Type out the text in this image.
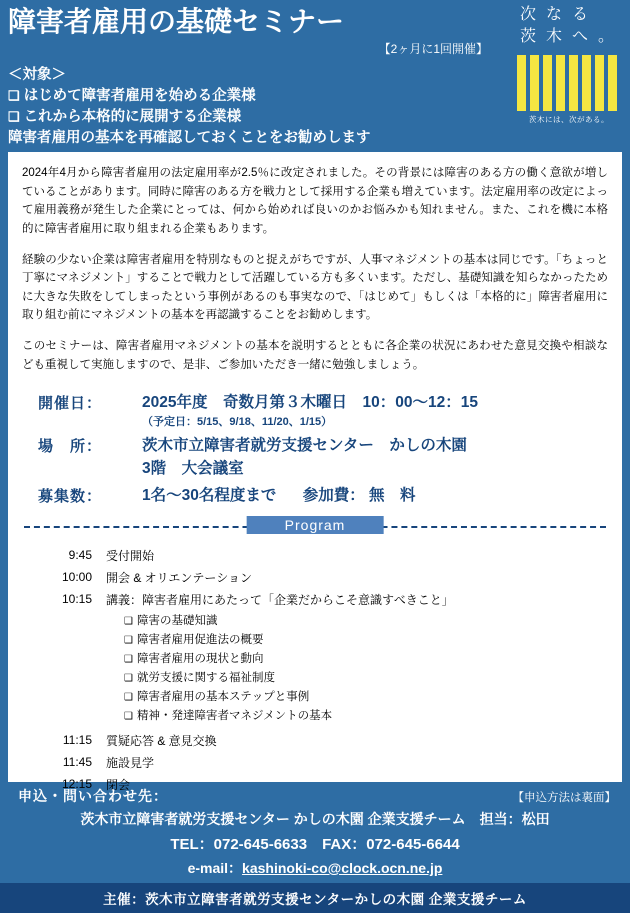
障害者雇用の基礎セミナー
【2ヶ月に1回開催】
＜対象＞
❑ はじめて障害者雇用を始める企業様
❑ これから本格的に展開する企業様
障害者雇用の基本を再確認しておくことをお勧めします
次 な る
茨 木 へ 。
茨木には、次がある。

2024年4月から障害者雇用の法定雇用率が2.5％に改定されました。その背景には障害のある方の働く意欲が増していることがあります。同時に障害のある方を戦力として採用する企業も増えています。法定雇用率の改定によって雇用義務が発生した企業にとっては、何から始めれば良いのかお悩みかも知れません。また、これを機に本格的に障害者雇用に取り組まれる企業もあります。

経験の少ない企業は障害者雇用を特別なものと捉えがちですが、人事マネジメントの基本は同じです。「ちょっと丁寧にマネジメント」することで戦力として活躍している方も多くいます。ただし、基礎知識を知らなかったために大きな失敗をしてしまったという事例があるのも事実なので、「はじめて」もしくは「本格的に」障害者雇用に取り組む前にマネジメントの基本を再認識することをお勧めします。

このセミナーは、障害者雇用マネジメントの基本を説明するとともに各企業の状況にあわせた意見交換や相談なども重視して実施しますので、是非、ご参加いただき一緒に勉強しましょう。

開催日：	2025年度　奇数月第３木曜日　10：00～12：15
（予定日：5/15、9/18、11/20、1/15）
場　所：	茨木市立障害者就労支援センター　かしの木園
3階　大会議室
募集数：	1名～30名程度まで 参加費： 無　料
Program
9:45	受付開始
10:00	開会 & オリエンテーション
10:15	講義：障害者雇用にあたって「企業だからこそ意識すべきこと」
❑ 障害の基礎知識
❑ 障害者雇用促進法の概要
❑ 障害者雇用の現状と動向
❑ 就労支援に関する福祉制度
❑ 障害者雇用の基本ステップと事例
❑ 精神・発達障害者マネジメントの基本
11:15	質疑応答 & 意見交換
11:45	施設見学
12:15	閉会
申込・問い合わせ先：	【申込方法は裏面】
茨木市立障害者就労支援センター かしの木園 企業支援チーム　担当：松田
TEL：072-645-6633　FAX：072-645-6644
e-mail：kashinoki-co@clock.ocn.ne.jp
主催：茨木市立障害者就労支援センターかしの木園 企業支援チーム
